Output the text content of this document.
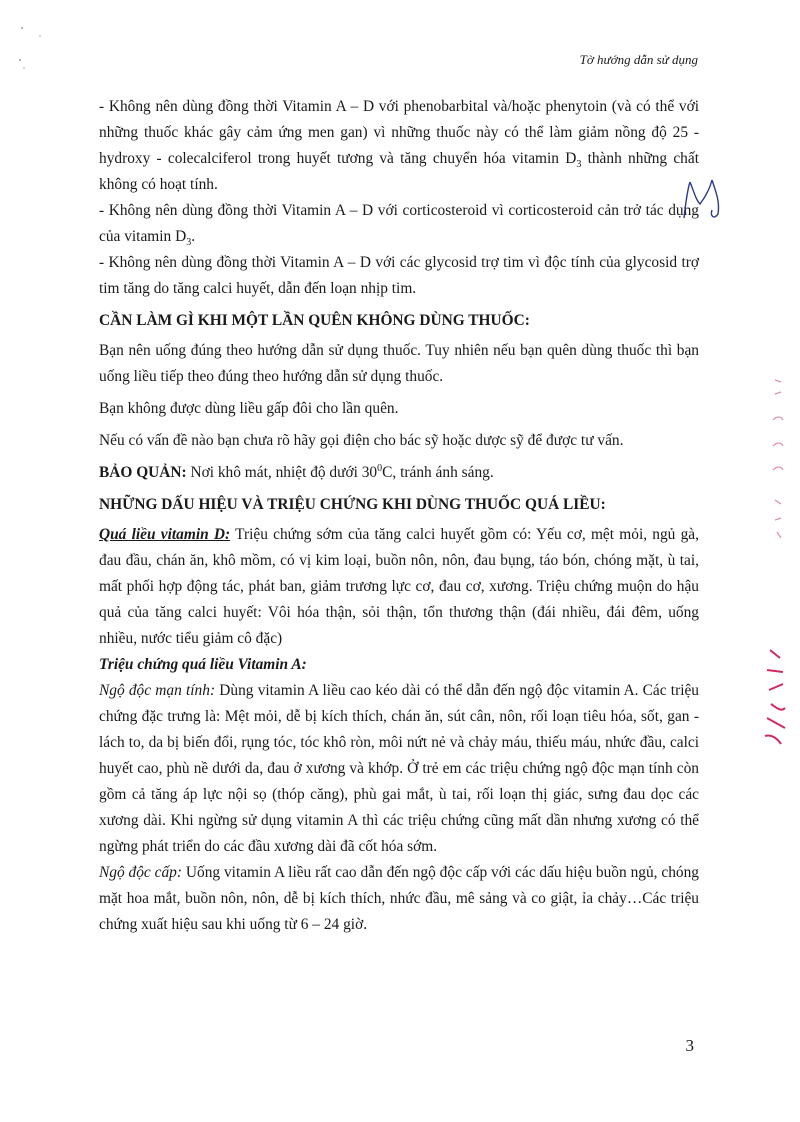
Tờ hướng dẫn sử dụng

- Không nên dùng đồng thời Vitamin A – D với phenobarbital và/hoặc phenytoin (và có thể với những thuốc khác gây cảm ứng men gan) vì những thuốc này có thể làm giảm nồng độ 25 - hydroxy - colecalciferol trong huyết tương và tăng chuyển hóa vitamin $D_3$ thành những chất không có hoạt tính.

- Không nên dùng đồng thời Vitamin A – D với corticosteroid vì corticosteroid cản trở tác dụng của vitamin $D_3$.

- Không nên dùng đồng thời Vitamin A – D với các glycosid trợ tim vì độc tính của glycosid trợ tim tăng do tăng calci huyết, dẫn đến loạn nhịp tim.

CẦN LÀM GÌ KHI MỘT LẦN QUÊN KHÔNG DÙNG THUỐC:

Bạn nên uống đúng theo hướng dẫn sử dụng thuốc. Tuy nhiên nếu bạn quên dùng thuốc thì bạn uống liều tiếp theo đúng theo hướng dẫn sử dụng thuốc.

Bạn không được dùng liều gấp đôi cho lần quên.

Nếu có vấn đề nào bạn chưa rõ hãy gọi điện cho bác sỹ hoặc dược sỹ để được tư vấn.

BẢO QUẢN: Nơi khô mát, nhiệt độ dưới $30^0C$, tránh ánh sáng.

NHỮNG DẤU HIỆU VÀ TRIỆU CHỨNG KHI DÙNG THUỐC QUÁ LIỀU:

Quá liều vitamin D: Triệu chứng sớm của tăng calci huyết gồm có: Yếu cơ, mệt mỏi, ngủ gà, đau đầu, chán ăn, khô mồm, có vị kim loại, buồn nôn, nôn, đau bụng, táo bón, chóng mặt, ù tai, mất phối hợp động tác, phát ban, giảm trương lực cơ, đau cơ, xương. Triệu chứng muộn do hậu quả của tăng calci huyết: Vôi hóa thận, sỏi thận, tổn thương thận (đái nhiều, đái đêm, uống nhiều, nước tiểu giảm cô đặc)

Triệu chứng quá liều Vitamin A:

Ngộ độc mạn tính: Dùng vitamin A liều cao kéo dài có thể dẫn đến ngộ độc vitamin A. Các triệu chứng đặc trưng là: Mệt mỏi, dễ bị kích thích, chán ăn, sút cân, nôn, rối loạn tiêu hóa, sốt, gan - lách to, da bị biến đổi, rụng tóc, tóc khô ròn, môi nứt nẻ và chảy máu, thiếu máu, nhức đầu, calci huyết cao, phù nề dưới da, đau ở xương và khớp. Ở trẻ em các triệu chứng ngộ độc mạn tính còn gồm cả tăng áp lực nội sọ (thóp căng), phù gai mắt, ù tai, rối loạn thị giác, sưng đau dọc các xương dài. Khi ngừng sử dụng vitamin A thì các triệu chứng cũng mất dần nhưng xương có thể ngừng phát triển do các đầu xương dài đã cốt hóa sớm.

Ngộ độc cấp: Uống vitamin A liều rất cao dẫn đến ngộ độc cấp với các dấu hiệu buồn ngủ, chóng mặt hoa mắt, buồn nôn, nôn, dễ bị kích thích, nhức đầu, mê sảng và co giật, ỉa chảy…Các triệu chứng xuất hiệu sau khi uống từ 6 – 24 giờ.

3
